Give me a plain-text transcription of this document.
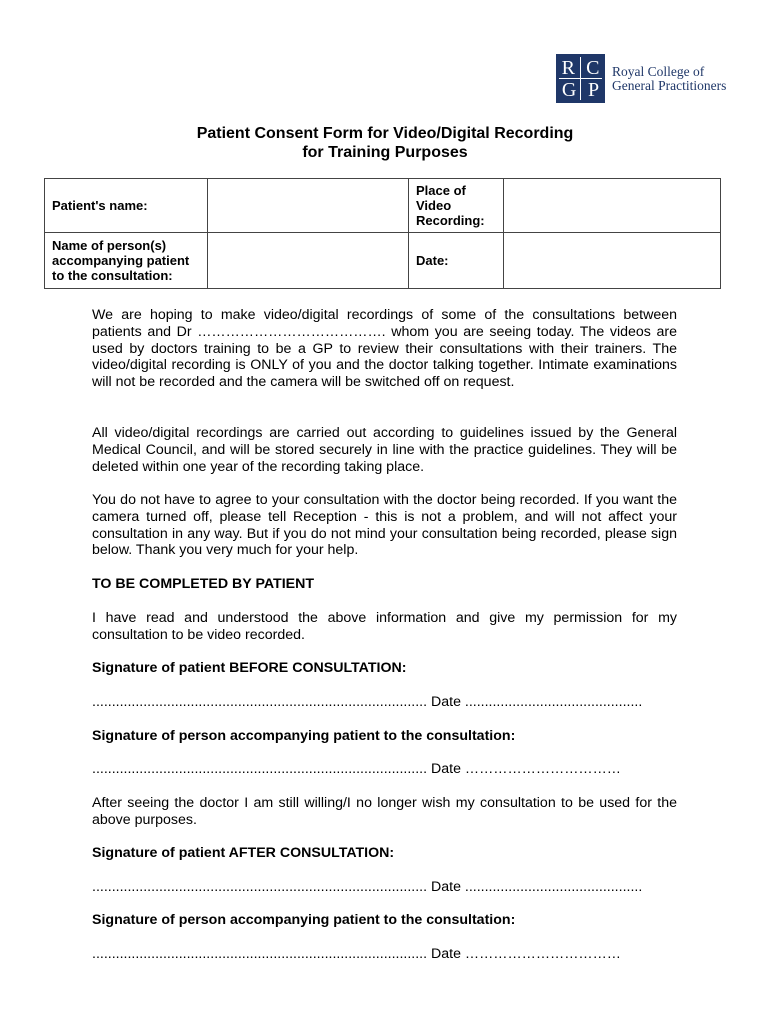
R C
G P
Royal College of
General Practitioners
Patient Consent Form for Video/Digital Recording
for Training Purposes
Patient's name:		Place of Video Recording:	
Name of person(s) accompanying patient to the consultation:		Date:	
We are hoping to make video/digital recordings of some of the consultations between patients and Dr …………………………………. whom you are seeing today. The videos are used by doctors training to be a GP to review their consultations with their trainers. The video/digital recording is ONLY of you and the doctor talking together. Intimate examinations will not be recorded and the camera will be switched off on request.
All video/digital recordings are carried out according to guidelines issued by the General Medical Council, and will be stored securely in line with the practice guidelines. They will be deleted within one year of the recording taking place.
You do not have to agree to your consultation with the doctor being recorded. If you want the camera turned off, please tell Reception - this is not a problem, and will not affect your consultation in any way. But if you do not mind your consultation being recorded, please sign below. Thank you very much for your help.
TO BE COMPLETED BY PATIENT
I have read and understood the above information and give my permission for my consultation to be video recorded.
Signature of patient BEFORE CONSULTATION:
..................................................................................... Date .............................................
Signature of person accompanying patient to the consultation:
..................................................................................... Date ……………………………
After seeing the doctor I am still willing/I no longer wish my consultation to be used for the above purposes.
Signature of patient AFTER CONSULTATION:
..................................................................................... Date .............................................
Signature of person accompanying patient to the consultation:
..................................................................................... Date ……………………………
